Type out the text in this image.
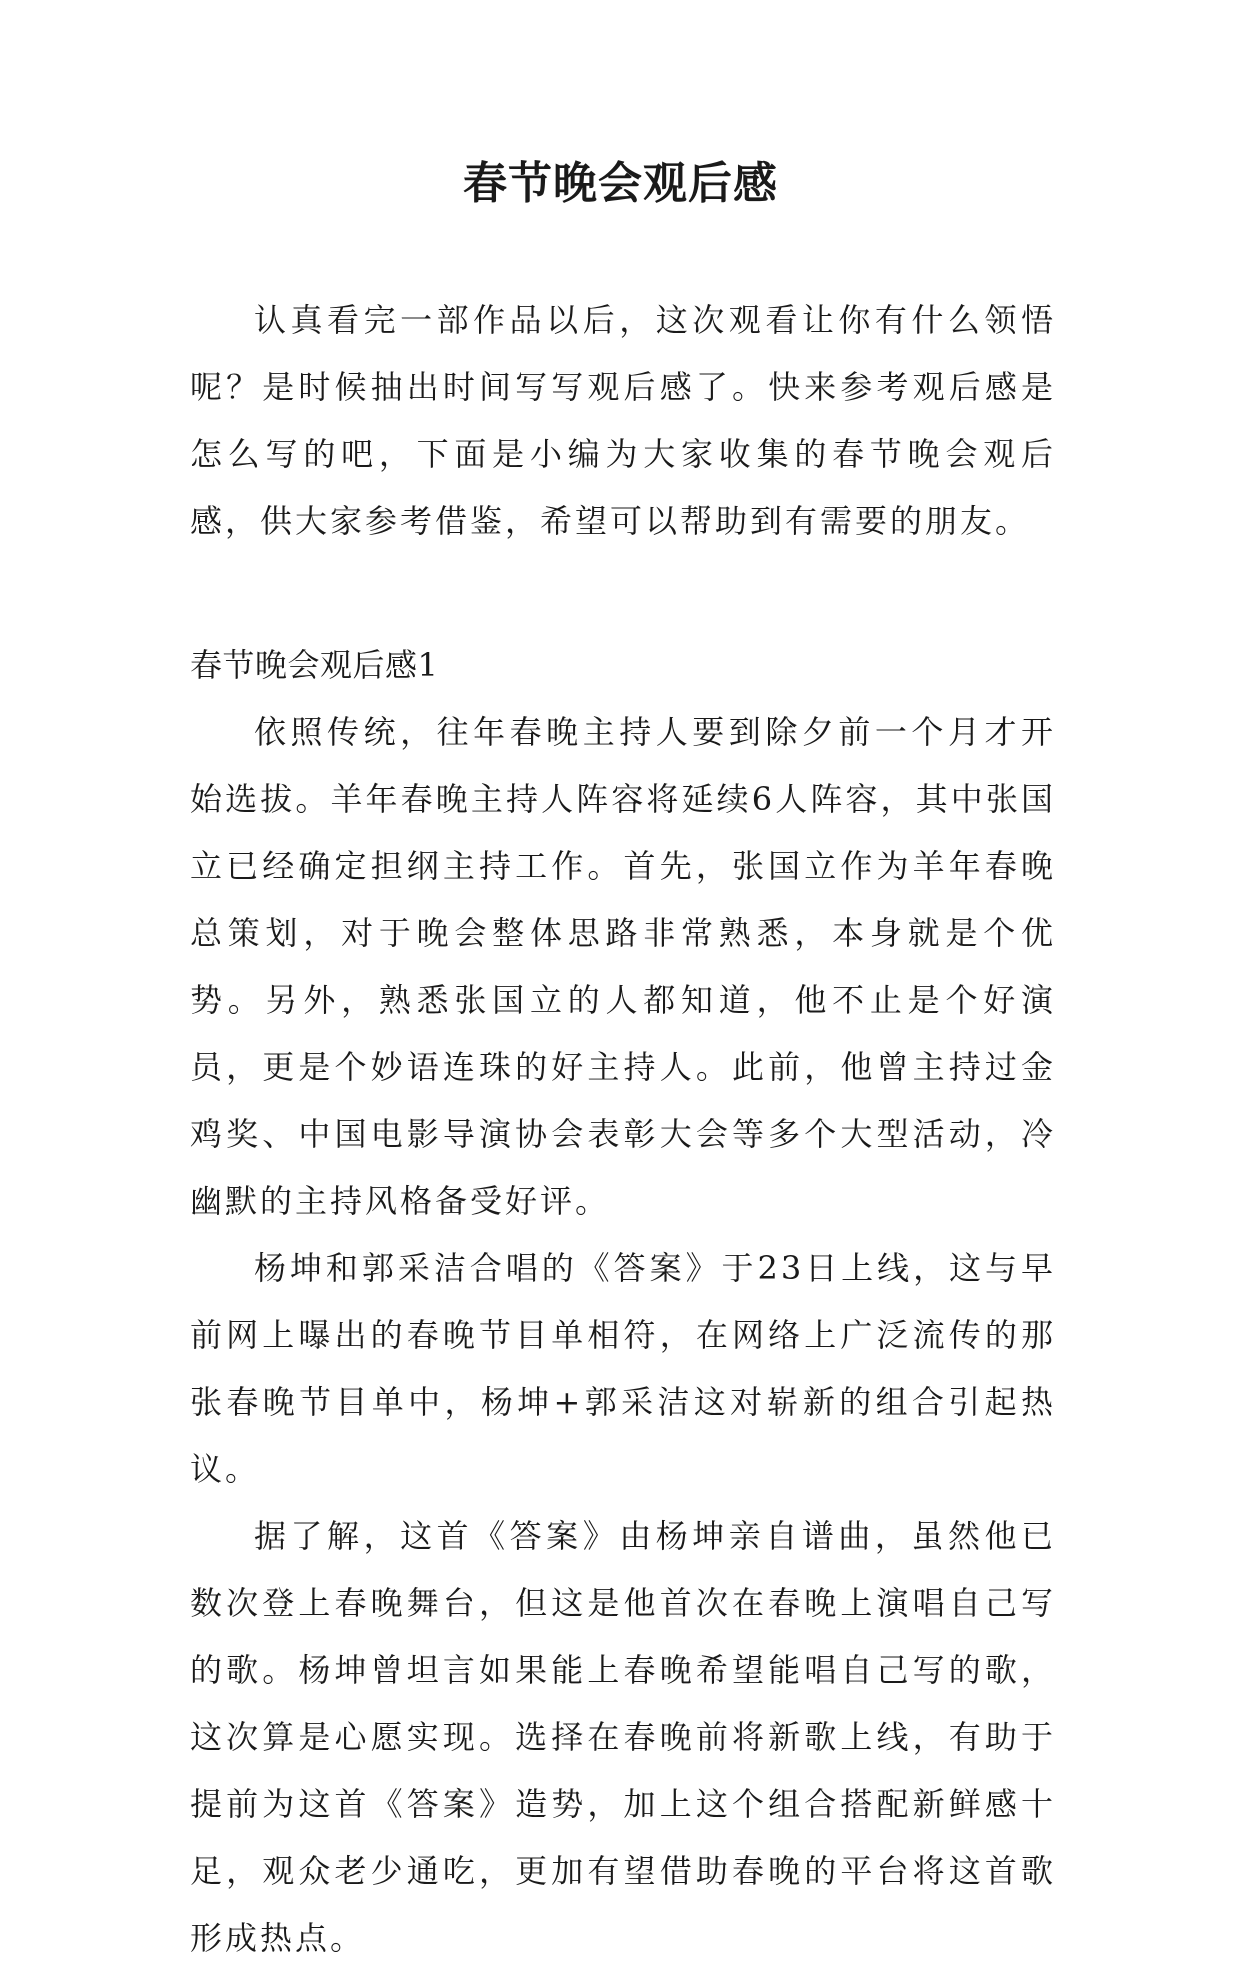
春节晚会观后感

认真看完一部作品以后，这次观看让你有什么领悟呢？是时候抽出时间写写观后感了。快来参考观后感是怎么写的吧，下面是小编为大家收集的春节晚会观后感，供大家参考借鉴，希望可以帮助到有需要的朋友。

春节晚会观后感1

依照传统，往年春晚主持人要到除夕前一个月才开始选拔。羊年春晚主持人阵容将延续6人阵容，其中张国立已经确定担纲主持工作。首先，张国立作为羊年春晚总策划，对于晚会整体思路非常熟悉，本身就是个优势。另外，熟悉张国立的人都知道，他不止是个好演员，更是个妙语连珠的好主持人。此前，他曾主持过金鸡奖、中国电影导演协会表彰大会等多个大型活动，冷幽默的主持风格备受好评。

杨坤和郭采洁合唱的《答案》于23日上线，这与早前网上曝出的春晚节目单相符，在网络上广泛流传的那张春晚节目单中，杨坤+郭采洁这对崭新的组合引起热议。

据了解，这首《答案》由杨坤亲自谱曲，虽然他已数次登上春晚舞台，但这是他首次在春晚上演唱自己写的歌。杨坤曾坦言如果能上春晚希望能唱自己写的歌，这次算是心愿实现。选择在春晚前将新歌上线，有助于提前为这首《答案》造势，加上这个组合搭配新鲜感十足，观众老少通吃，更加有望借助春晚的平台将这首歌形成热点。
